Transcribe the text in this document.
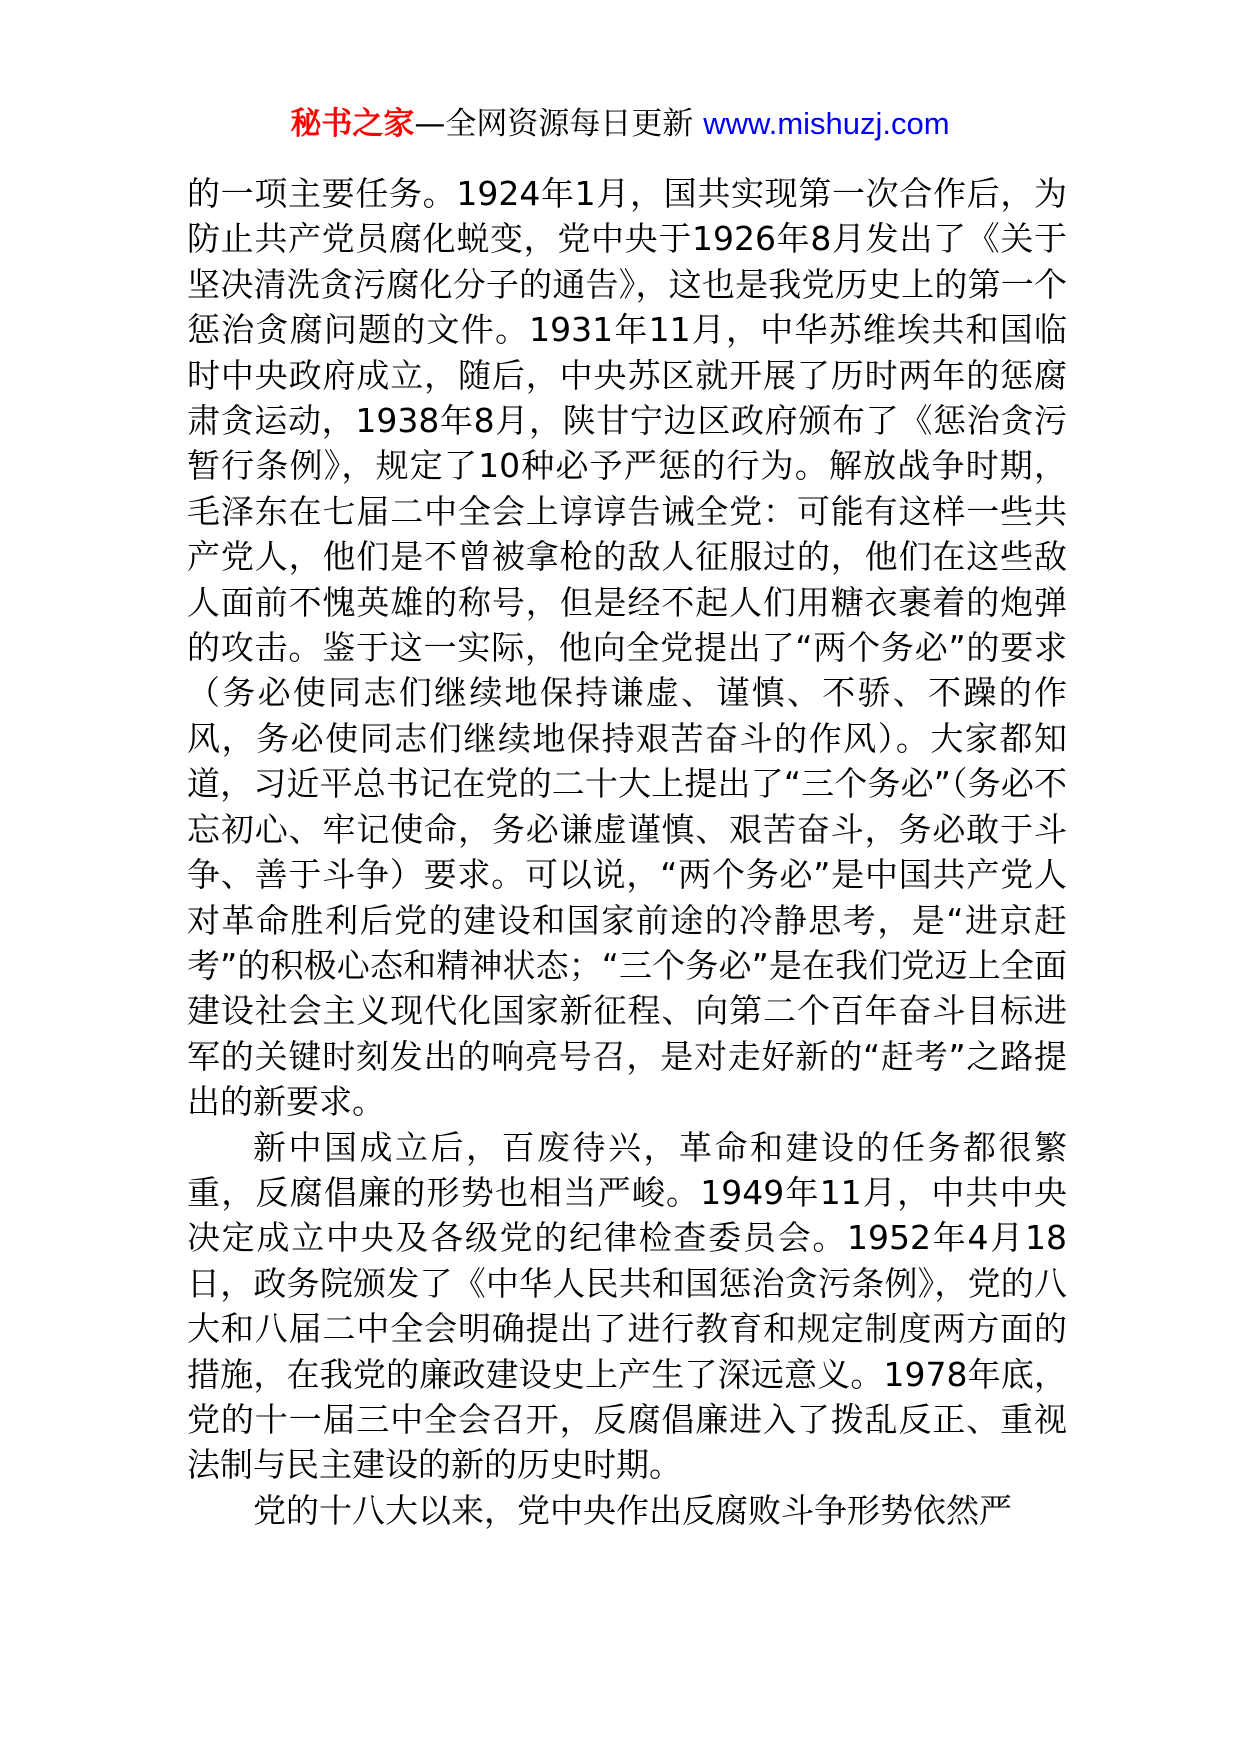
秘书之家—全网资源每日更新 www.mishuzj.com

的一项主要任务。1924年1月，国共实现第一次合作后，为防止共产党员腐化蜕变，党中央于1926年8月发出了《关于坚决清洗贪污腐化分子的通告》，这也是我党历史上的第一个惩治贪腐问题的文件。1931年11月，中华苏维埃共和国临时中央政府成立，随后，中央苏区就开展了历时两年的惩腐肃贪运动，1938年8月，陕甘宁边区政府颁布了《惩治贪污暂行条例》，规定了10种必予严惩的行为。解放战争时期，毛泽东在七届二中全会上谆谆告诫全党：可能有这样一些共产党人，他们是不曾被拿枪的敌人征服过的，他们在这些敌人面前不愧英雄的称号，但是经不起人们用糖衣裹着的炮弹的攻击。鉴于这一实际，他向全党提出了“两个务必”的要求（务必使同志们继续地保持谦虚、谨慎、不骄、不躁的作风，务必使同志们继续地保持艰苦奋斗的作风）。大家都知道，习近平总书记在党的二十大上提出了“三个务必”（务必不忘初心、牢记使命，务必谦虚谨慎、艰苦奋斗，务必敢于斗争、善于斗争）要求。可以说，“两个务必”是中国共产党人对革命胜利后党的建设和国家前途的冷静思考，是“进京赶考”的积极心态和精神状态；“三个务必”是在我们党迈上全面建设社会主义现代化国家新征程、向第二个百年奋斗目标进军的关键时刻发出的响亮号召，是对走好新的“赶考”之路提出的新要求。

新中国成立后，百废待兴，革命和建设的任务都很繁重，反腐倡廉的形势也相当严峻。1949年11月，中共中央决定成立中央及各级党的纪律检查委员会。1952年4月18日，政务院颁发了《中华人民共和国惩治贪污条例》，党的八大和八届二中全会明确提出了进行教育和规定制度两方面的措施，在我党的廉政建设史上产生了深远意义。1978年底，党的十一届三中全会召开，反腐倡廉进入了拨乱反正、重视法制与民主建设的新的历史时期。

党的十八大以来，党中央作出反腐败斗争形势依然严
